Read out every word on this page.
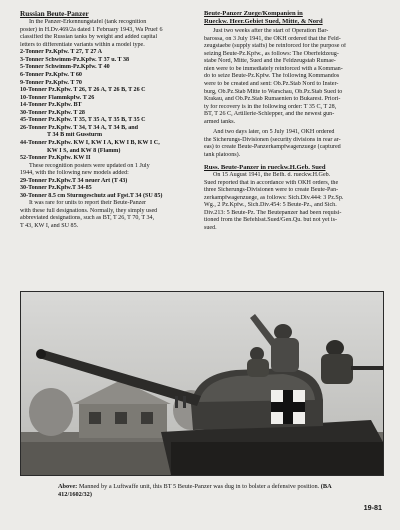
Russian Beute-Panzer
In the Panzer-Erkennungstafel (tank recognition
poster) in H.Dv.469/2a dated 1 February 1943, Wa Pruef 6
classified the Russian tanks by weight and added capital
letters to differentiate variants within a model type.
2-Tonner Pz.Kpfw. T 27, T 27 A
3-Tonner Schwimm-Pz.Kpfw. T 37 u. T 38
5-Tonner Schwimm-Pz.Kpfw. T 40
6-Tonner Pz.Kpfw. T 60
9-Tonner Pz.Kpfw. T 70
10-Tonner Pz.Kpfw. T 26, T 26 A, T 26 B, T 26 C
10-Tonner Flammkpfw. T 26
14-Tonner Pz.Kpfw. BT
30-Tonner Pz.Kpfw. T 28
45-Tonner Pz.Kpfw. T 35, T 35 A, T 35 B, T 35 C
26-Tonner Pz.Kpfw. T 34, T 34 A, T 34 B, and
T 34 B mit Gussturm
44-Tonner Pz.Kpfw. KW I, KW I A, KW I B, KW I C,
KW I S, and KW 8 (Flamm)
52-Tonner Pz.Kpfw. KW II
These recognition posters were updated on 1 July
1944, with the following new models added:
29-Tonner Pz.Kpfw.T 34 neuer Art (T 43)
30-Tonner Pz.Kpfw.T 34-85
30-Tonner 8.5 cm Sturmgeschutz auf Fgst.T 34 (SU 85)
It was rare for units to report their Beute-Panzer
with these full designations. Normally, they simply used
abbreviated designations, such as BT, T 26, T 70, T 34,
T 43, KW I, and SU 85.
Beute-Panzer Zuege/Kompanien in
Rueckw. Heer.Gebiet Sued, Mitte, & Nord
Just two weeks after the start of Operation Bar-
barossa, on 3 July 1941, the OKH ordered that the Feld-
zeugstaebe (supply staffs) be reinforced for the purpose of
seizing Beute-Pz.Kpfw., as follows: The Oberfeldzeug-
stabe Nord, Mitte, Sued and the Feldzeugstab Rumae-
nien were to be immediately reinforced with a Komman-
do to seize Beute-Pz.Kpfw. The following Kommandos
were to be created and sent: Ob.Pz.Stab Nord to Inster-
burg, Ob.Pz.Stab Mitte to Warschau, Ob.Pz.Stab Sued to
Krakau, and Ob.Pz.Stab Rumaenien to Bukarest. Priori-
ty for recovery is in the following order: T 35 C, T 28,
BT, T 26 C, Artillerie-Schlepper, and the newest gun-
armed tanks.
And two days later, on 5 July 1941, OKH ordered
the Sicherungs-Divisionen (security divisions in rear ar-
eas) to create Beute-Panzerkampfwagenzuege (captured
tank platoons).
Russ. Beute-Panzer in rueckw.H.Geb. Sued
On 15 August 1941, the Befh. d. rueckw.H.Geb.
Sued reported that in accordance with OKH orders, the
three Sicherungs-Divisionen were to create Beute-Pan-
zerkampfwagenzuege, as follows: Sich.Div.444: 3 Pz.Sp.
Wg., 2 Pz.Kpfw., Sich.Div.454: 5 Beute-Pz., and Sich.
Div.213: 5 Beute-Pz. The Beutepanzer had been requisi-
tioned from the Befehlsst.Sued/Gen.Qu. but not yet is-
sued.
Above: Manned by a Luftwaffe unit, this BT 5 Beute-Panzer was dug in to bolster a defensive position. (BA 412/1602/32)
19-81
